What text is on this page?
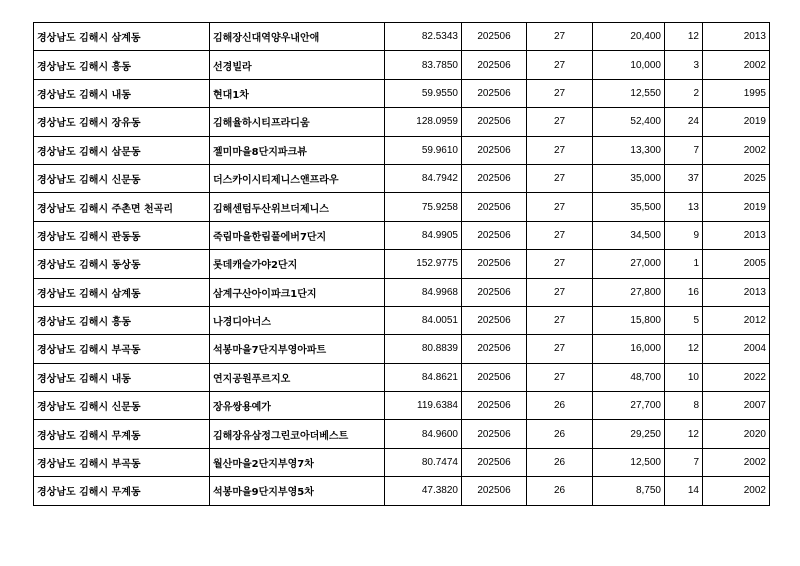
경상남도 김해시 삼계동	김해장신대역양우내안애	82.5343	202506	27	20,400	12	2013
경상남도 김해시 흥동	선경빌라	83.7850	202506	27	10,000	3	2002
경상남도 김해시 내동	현대1차	59.9550	202506	27	12,550	2	1995
경상남도 김해시 장유동	김해율하시티프라디움	128.0959	202506	27	52,400	24	2019
경상남도 김해시 삼문동	젤미마을8단지파크뷰	59.9610	202506	27	13,300	7	2002
경상남도 김해시 신문동	더스카이시티제니스앤프라우	84.7942	202506	27	35,000	37	2025
경상남도 김해시 주촌면 천곡리	김해센텀두산위브더제니스	75.9258	202506	27	35,500	13	2019
경상남도 김해시 관동동	죽림마을한림풀에버7단지	84.9905	202506	27	34,500	9	2013
경상남도 김해시 동상동	롯데캐슬가야2단지	152.9775	202506	27	27,000	1	2005
경상남도 김해시 삼계동	삼계구산아이파크1단지	84.9968	202506	27	27,800	16	2013
경상남도 김해시 흥동	나경디아너스	84.0051	202506	27	15,800	5	2012
경상남도 김해시 부곡동	석봉마을7단지부영아파트	80.8839	202506	27	16,000	12	2004
경상남도 김해시 내동	연지공원푸르지오	84.8621	202506	27	48,700	10	2022
경상남도 김해시 신문동	장유쌍용예가	119.6384	202506	26	27,700	8	2007
경상남도 김해시 무계동	김해장유삼정그린코아더베스트	84.9600	202506	26	29,250	12	2020
경상남도 김해시 부곡동	월산마을2단지부영7차	80.7474	202506	26	12,500	7	2002
경상남도 김해시 무계동	석봉마을9단지부영5차	47.3820	202506	26	8,750	14	2002
